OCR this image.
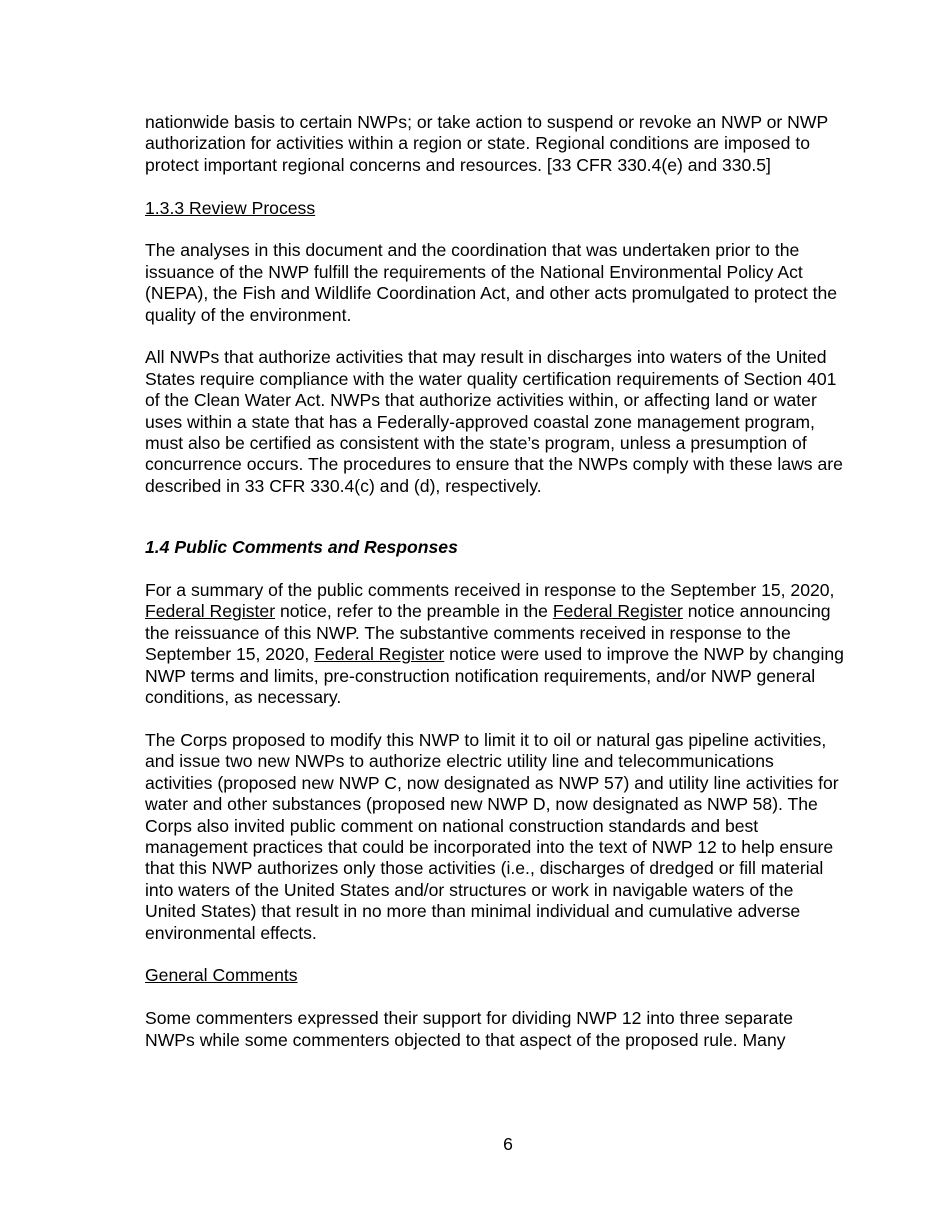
nationwide basis to certain NWPs; or take action to suspend or revoke an NWP or NWP authorization for activities within a region or state. Regional conditions are imposed to protect important regional concerns and resources. [33 CFR 330.4(e) and 330.5]

1.3.3 Review Process

The analyses in this document and the coordination that was undertaken prior to the issuance of the NWP fulfill the requirements of the National Environmental Policy Act (NEPA), the Fish and Wildlife Coordination Act, and other acts promulgated to protect the quality of the environment.

All NWPs that authorize activities that may result in discharges into waters of the United States require compliance with the water quality certification requirements of Section 401 of the Clean Water Act. NWPs that authorize activities within, or affecting land or water uses within a state that has a Federally-approved coastal zone management program, must also be certified as consistent with the state’s program, unless a presumption of concurrence occurs. The procedures to ensure that the NWPs comply with these laws are described in 33 CFR 330.4(c) and (d), respectively.

1.4 Public Comments and Responses

For a summary of the public comments received in response to the September 15, 2020, Federal Register notice, refer to the preamble in the Federal Register notice announcing the reissuance of this NWP. The substantive comments received in response to the September 15, 2020, Federal Register notice were used to improve the NWP by changing NWP terms and limits, pre-construction notification requirements, and/or NWP general conditions, as necessary.

The Corps proposed to modify this NWP to limit it to oil or natural gas pipeline activities, and issue two new NWPs to authorize electric utility line and telecommunications activities (proposed new NWP C, now designated as NWP 57) and utility line activities for water and other substances (proposed new NWP D, now designated as NWP 58). The Corps also invited public comment on national construction standards and best management practices that could be incorporated into the text of NWP 12 to help ensure that this NWP authorizes only those activities (i.e., discharges of dredged or fill material into waters of the United States and/or structures or work in navigable waters of the United States) that result in no more than minimal individual and cumulative adverse environmental effects.

General Comments

Some commenters expressed their support for dividing NWP 12 into three separate NWPs while some commenters objected to that aspect of the proposed rule. Many

6
